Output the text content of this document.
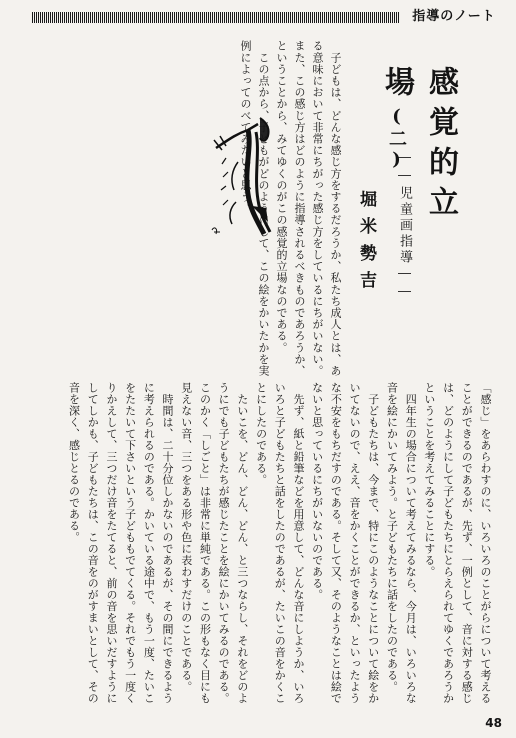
指導のノート
感覚的立場(二)
――児童画指導――
堀米勢吉
　子どもは、どんな感じ方をするだろうか、私たち成人とは、ある意味において非常にちがった感じ方をしているにちがいない。
また、この感じ方はどのように指導されるべきものであろうか、ということから、みてゆくのがこの感覚的立場なのである。
　この点から、子どもがどのようにして、この絵をかいたかを実例によってのべてみたいと思う。
「感じ」をあらわすのに、いろいろのことがらについて考えることができるのであるが、先ず、一例として、音に対する感じは、どのようにして子どもたちにとらえられてゆくであろうかということを考えてみることにする。
　四年生の場合について考えてみるなら、今月は、いろいろな音を絵にかいてみよう。と子どもたちに話をしたのである。
　子どもたちは、今まで、特にこのようなことについて絵をかいてないので、ええ、音をかくことができるか、といったような不安をもちだすのである。そして又、そのようなことは絵でないと思っているにちがいないのである。
　先ず、紙と鉛筆などを用意して、どんな音にしようか、いろいろと子どもたちと話をしたのであるが、たいこの音をかくことにしたのである。
　たいこを、どん、どん、どん、と三つならし、それをどのようにでも子どもたちが感じたことを絵にかいてみるのである。このかく「しごと」は非常に単純である。この形もなく目にも見えない音、三つをある形や色に表わすだけのことである。
　時間は、二十分位しかないのであるが、その間にできるように考えられるのである。かいている途中で、もう一度、たいこをたたいて下さいという子どももでてくる。それでもう一度くりかえして、三つだけ音をたてると、前の音を思いだすようにしてしかも、子どもたちは、この音をのがすまいとして、その音を深く、感じとるのである。
48
